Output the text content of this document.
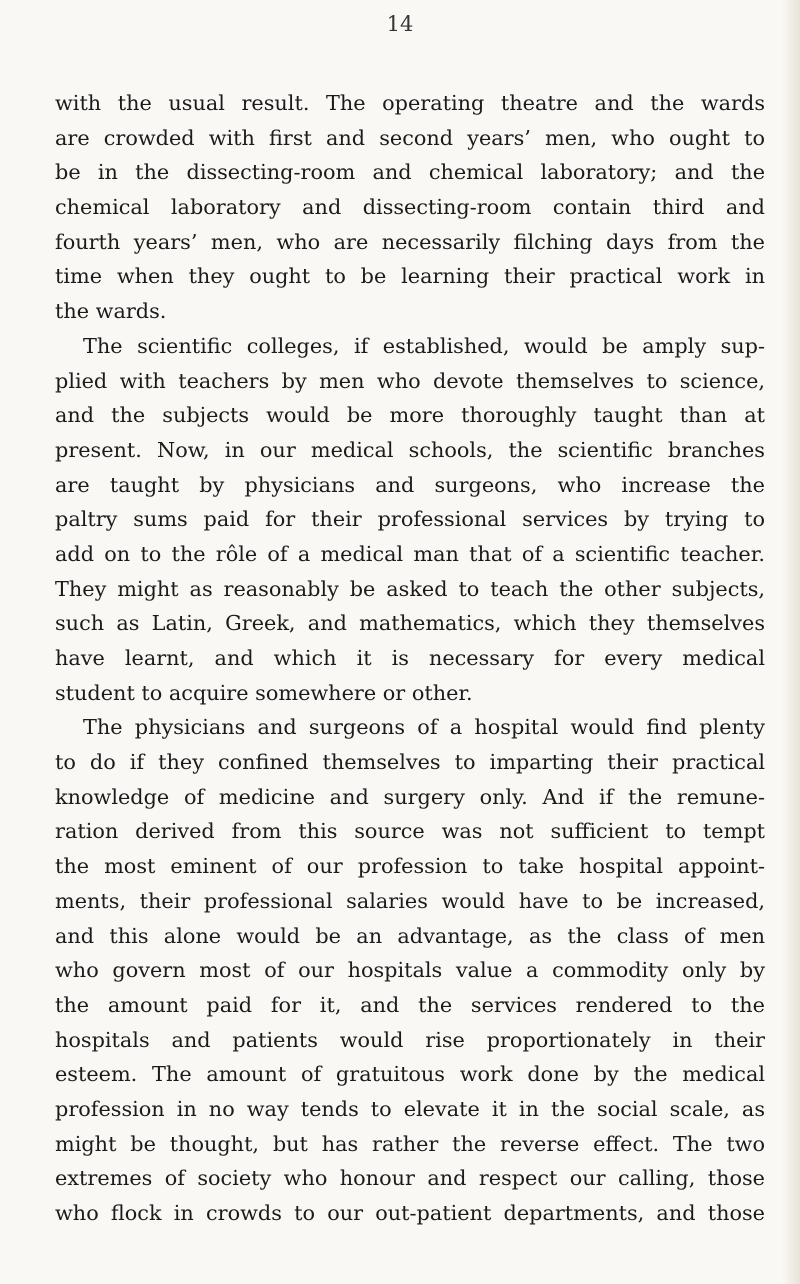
14
with the usual result. The operating theatre and the wards
are crowded with first and second years’ men, who ought to
be in the dissecting-room and chemical laboratory; and the
chemical laboratory and dissecting-room contain third and
fourth years’ men, who are necessarily filching days from the
time when they ought to be learning their practical work in
the wards.
The scientific colleges, if established, would be amply sup-
plied with teachers by men who devote themselves to science,
and the subjects would be more thoroughly taught than at
present. Now, in our medical schools, the scientific branches
are taught by physicians and surgeons, who increase the
paltry sums paid for their professional services by trying to
add on to the rôle of a medical man that of a scientific teacher.
They might as reasonably be asked to teach the other subjects,
such as Latin, Greek, and mathematics, which they themselves
have learnt, and which it is necessary for every medical
student to acquire somewhere or other.
The physicians and surgeons of a hospital would find plenty
to do if they confined themselves to imparting their practical
knowledge of medicine and surgery only. And if the remune-
ration derived from this source was not sufficient to tempt
the most eminent of our profession to take hospital appoint-
ments, their professional salaries would have to be increased,
and this alone would be an advantage, as the class of men
who govern most of our hospitals value a commodity only by
the amount paid for it, and the services rendered to the
hospitals and patients would rise proportionately in their
esteem. The amount of gratuitous work done by the medical
profession in no way tends to elevate it in the social scale, as
might be thought, but has rather the reverse effect. The two
extremes of society who honour and respect our calling, those
who flock in crowds to our out-patient departments, and those
